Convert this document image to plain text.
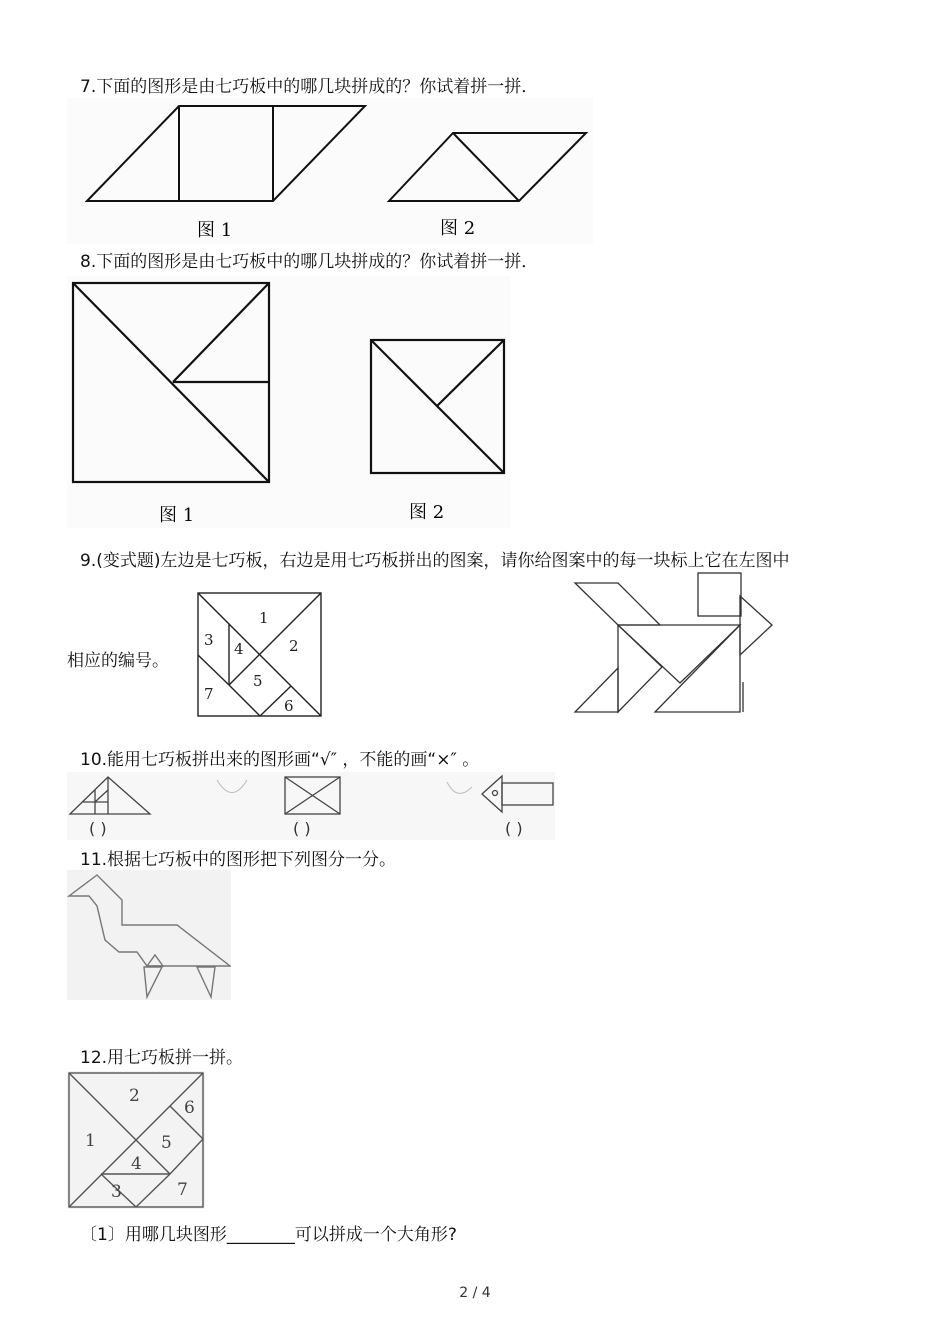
7.下面的图形是由七巧板中的哪几块拼成的？你试着拼一拼．
图 1	图 2
8.下面的图形是由七巧板中的哪几块拼成的？你试着拼一拼．
图 1	图 2
9.(变式题)左边是七巧板，右边是用七巧板拼出的图案，请你给图案中的每一块标上它在左图中
相应的编号。
1
2
3 4
5
6
7
10.能用七巧板拼出来的图形画“√″ ，不能的画“×″ 。
( )	( )	( )
11.根据七巧板中的图形把下列图分一分。
12.用七巧板拼一拼。
1
2
3
4
5
6
7
〔1〕用哪几块图形________可以拼成一个大角形?
2 / 4
